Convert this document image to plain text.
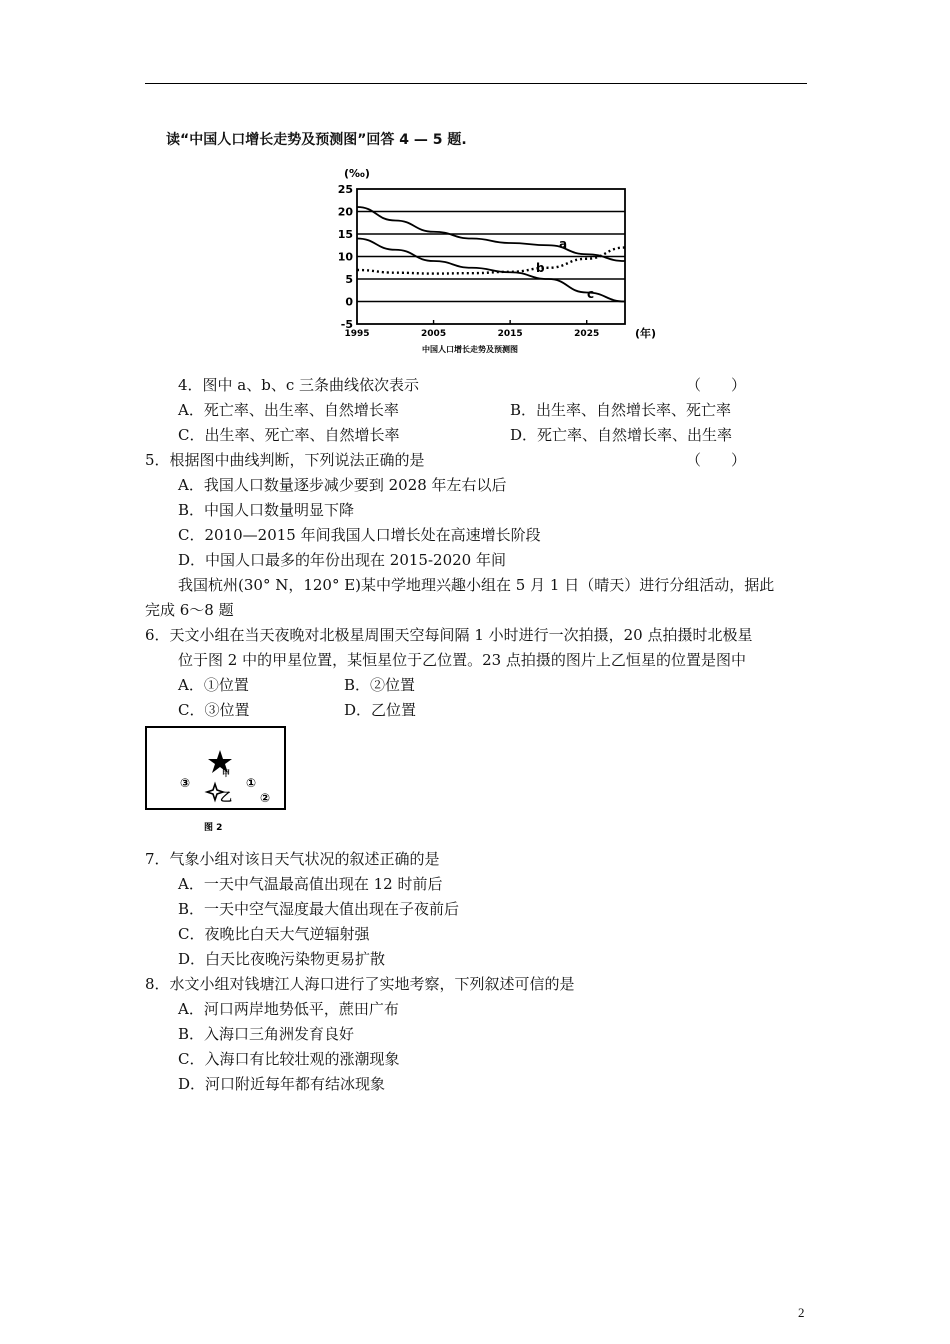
读“中国人口增长走势及预测图”回答 4 — 5 题.
(‰)
25
20
15
10
5
0
-5
1995	2005	2015	2025
a
b
c
(年)
中国人口增长走势及预测图
4．图中 a、b、c 三条曲线依次表示	（　　）
A．死亡率、出生率、自然增长率	B．出生率、自然增长率、死亡率
C．出生率、死亡率、自然增长率	D．死亡率、自然增长率、出生率
5．根据图中曲线判断，下列说法正确的是	（　　）
A．我国人口数量逐步减少要到 2028 年左右以后
B．中国人口数量明显下降
C．2010—2015 年间我国人口增长处在高速增长阶段
D．中国人口最多的年份出现在 2015-2020 年间
我国杭州(30° N，120° E)某中学地理兴趣小组在 5 月 1 日（晴天）进行分组活动，据此
完成 6～8 题
6．天文小组在当天夜晚对北极星周围天空每间隔 1 小时进行一次拍摄，20 点拍摄时北极星
位于图 2 中的甲星位置，某恒星位于乙位置。23 点拍摄的图片上乙恒星的位置是图中
A．①位置	B．②位置
C．③位置	D．乙位置
甲
③	①
乙 ②
图 2
7．气象小组对该日天气状况的叙述正确的是
A．一天中气温最高值出现在 12 时前后
B．一天中空气湿度最大值出现在子夜前后
C．夜晚比白天大气逆辐射强
D．白天比夜晚污染物更易扩散
8．水文小组对钱塘江人海口进行了实地考察，下列叙述可信的是
A．河口两岸地势低平，蔗田广布
B．入海口三角洲发育良好
C．入海口有比较壮观的涨潮现象
D．河口附近每年都有结冰现象
2
